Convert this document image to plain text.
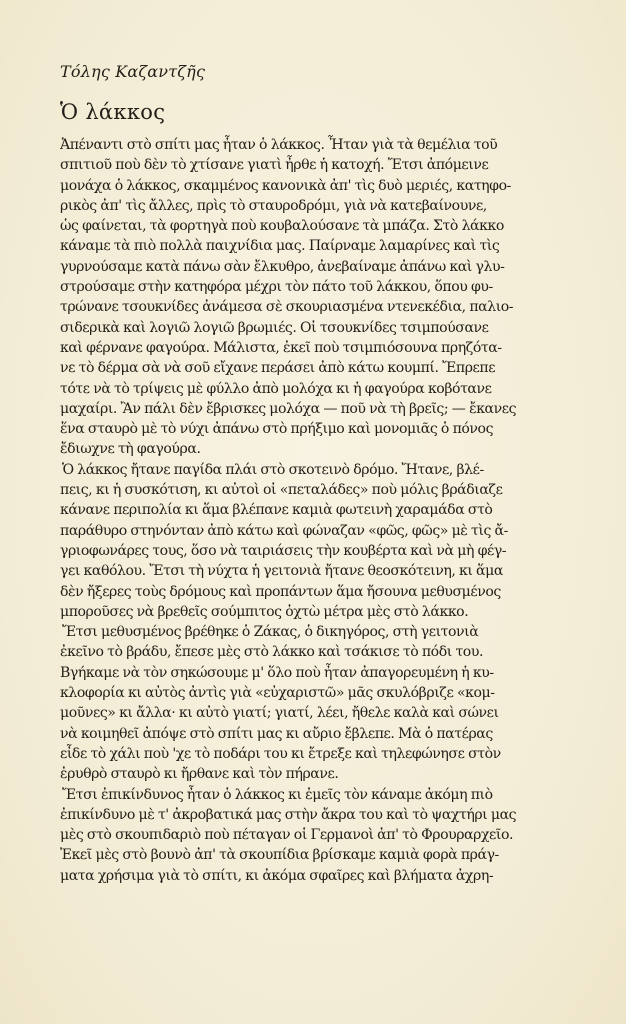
Τόλης Καζαντζῆς
Ὁ λάκκος
Ἀπέναντι στὸ σπίτι μας ἦταν ὁ λάκκος. Ἦταν γιὰ τὰ θεμέλια τοῦ
σπιτιοῦ ποὺ δὲν τὸ χτίσανε γιατὶ ἦρθε ἡ κατοχή. Ἔτσι ἀπόμεινε
μονάχα ὁ λάκκος, σκαμμένος κανονικὰ ἀπ' τὶς δυὸ μεριές, κατηφο-
ρικὸς ἀπ' τὶς ἄλλες, πρὶς τὸ σταυροδρόμι, γιὰ νὰ κατεβαίνουνε,
ὡς φαίνεται, τὰ φορτηγὰ ποὺ κουβαλούσανε τὰ μπάζα. Στὸ λάκκο
κάναμε τὰ πιὸ πολλὰ παιχνίδια μας. Παίρναμε λαμαρίνες καὶ τὶς
γυρνούσαμε κατὰ πάνω σὰν ἔλκυθρο, ἀνεβαίναμε ἀπάνω καὶ γλυ-
στρούσαμε στὴν κατηφόρα μέχρι τὸν πάτο τοῦ λάκκου, ὅπου φυ-
τρώνανε τσουκνίδες ἀνάμεσα σὲ σκουριασμένα ντενεκέδια, παλιο-
σιδερικὰ καὶ λογιῶ λογιῶ βρωμιές. Οἱ τσουκνίδες τσιμπούσανε
καὶ φέρνανε φαγούρα. Μάλιστα, ἐκεῖ ποὺ τσιμπιόσουνα πρηζότα-
νε τὸ δέρμα σὰ νὰ σοῦ εἴχανε περάσει ἀπὸ κάτω κουμπί. Ἔπρεπε
τότε νὰ τὸ τρίψεις μὲ φύλλο ἀπὸ μολόχα κι ἡ φαγούρα κοβότανε
μαχαίρι. Ἂν πάλι δὲν ἔβρισκες μολόχα — ποῦ νὰ τὴ βρεῖς; — ἔκανες
ἕνα σταυρὸ μὲ τὸ νύχι ἀπάνω στὸ πρήξιμο καὶ μονομιᾶς ὁ πόνος
ἔδιωχνε τὴ φαγούρα.
Ὁ λάκκος ἤτανε παγίδα πλάι στὸ σκοτεινὸ δρόμο. Ἤτανε, βλέ-
πεις, κι ἡ συσκότιση, κι αὐτοὶ οἱ «πεταλάδες» ποὺ μόλις βράδιαζε
κάνανε περιπολία κι ἅμα βλέπανε καμιὰ φωτεινὴ χαραμάδα στὸ
παράθυρο στηνόνταν ἀπὸ κάτω καὶ φώναζαν «φῶς, φῶς» μὲ τὶς ἄ-
γριοφωνάρες τους, ὅσο νὰ ταιριάσεις τὴν κουβέρτα καὶ νὰ μὴ φέγ-
γει καθόλου. Ἔτσι τὴ νύχτα ἡ γειτονιὰ ἤτανε θεοσκότεινη, κι ἅμα
δὲν ἤξερες τοὺς δρόμους καὶ προπάντων ἅμα ἤσουνα μεθυσμένος
μποροῦσες νὰ βρεθεῖς σούμπιτος ὀχτὼ μέτρα μὲς στὸ λάκκο.
Ἔτσι μεθυσμένος βρέθηκε ὁ Ζάκας, ὁ δικηγόρος, στὴ γειτονιὰ
ἐκεῖνο τὸ βράδυ, ἔπεσε μὲς στὸ λάκκο καὶ τσάκισε τὸ πόδι του.
Βγήκαμε νὰ τὸν σηκώσουμε μ' ὅλο ποὺ ἦταν ἀπαγορευμένη ἡ κυ-
κλοφορία κι αὐτὸς ἀντὶς γιὰ «εὐχαριστῶ» μᾶς σκυλόβριζε «κομ-
μοῦνες» κι ἄλλα· κι αὐτὸ γιατί; γιατί, λέει, ἤθελε καλὰ καὶ σώνει
νὰ κοιμηθεῖ ἀπόψε στὸ σπίτι μας κι αὔριο ἔβλεπε. Μὰ ὁ πατέρας
εἶδε τὸ χάλι ποὺ 'χε τὸ ποδάρι του κι ἔτρεξε καὶ τηλεφώνησε στὸν
ἐρυθρὸ σταυρὸ κι ἤρθανε καὶ τὸν πήρανε.
Ἔτσι ἐπικίνδυνος ἦταν ὁ λάκκος κι ἐμεῖς τὸν κάναμε ἀκόμη πιὸ
ἐπικίνδυνο μὲ τ' ἀκροβατικά μας στὴν ἄκρα του καὶ τὸ ψαχτήρι μας
μὲς στὸ σκουπιδαριὸ ποὺ πέταγαν οἱ Γερμανοὶ ἀπ' τὸ Φρουραρχεῖο.
Ἐκεῖ μὲς στὸ βουνὸ ἀπ' τὰ σκουπίδια βρίσκαμε καμιὰ φορὰ πράγ-
ματα χρήσιμα γιὰ τὸ σπίτι, κι ἀκόμα σφαῖρες καὶ βλήματα ἀχρη-
